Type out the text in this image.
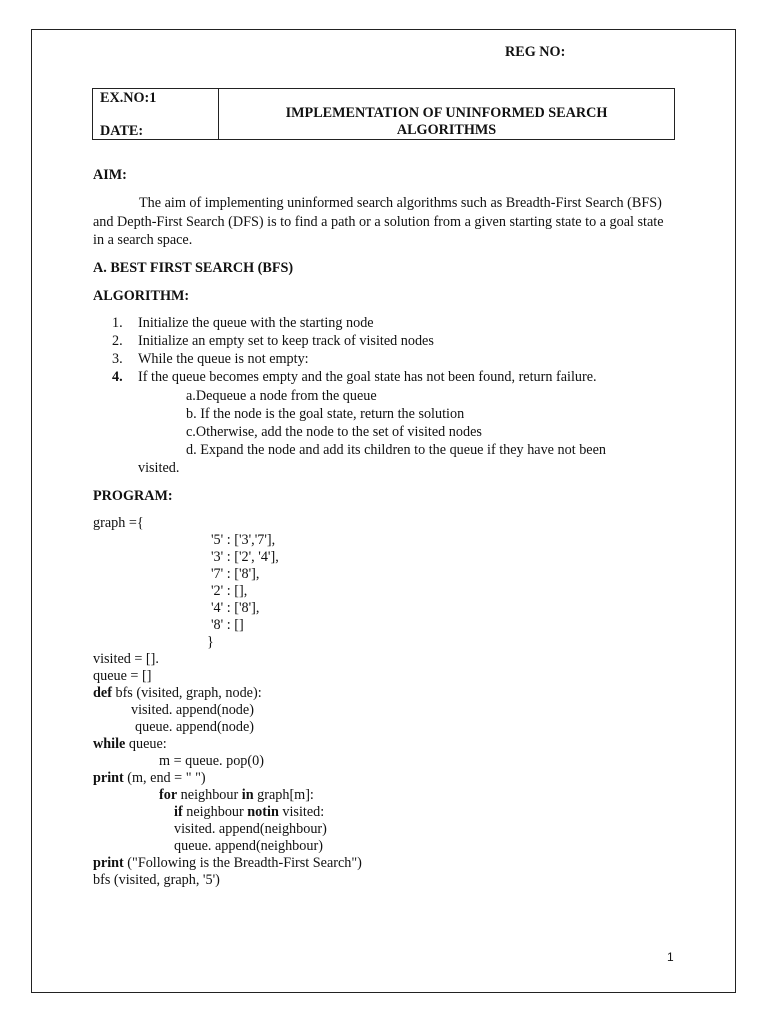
REG NO:
EX.NO:1
DATE:
IMPLEMENTATION OF UNINFORMED SEARCH
ALGORITHMS
AIM:
The aim of implementing uninformed search algorithms such as Breadth-First Search (BFS) and Depth-First Search (DFS) is to find a path or a solution from a given starting state to a goal state in a search space.
A. BEST FIRST SEARCH (BFS)
ALGORITHM:
1. Initialize the queue with the starting node
2. Initialize an empty set to keep track of visited nodes
3. While the queue is not empty:
4. If the queue becomes empty and the goal state has not been found, return failure.
a.Dequeue a node from the queue
b. If the node is the goal state, return the solution
c.Otherwise, add the node to the set of visited nodes
d. Expand the node and add its children to the queue if they have not been
visited.
PROGRAM:
graph ={
'5' : ['3','7'],
'3' : ['2', '4'],
'7' : ['8'],
'2' : [],
'4' : ['8'],
'8' : []
}
visited = [].
queue = []
def bfs (visited, graph, node):
visited. append(node)
queue. append(node)
while queue:
m = queue. pop(0)
print (m, end = " ")
for neighbour in graph[m]:
if neighbour notin visited:
visited. append(neighbour)
queue. append(neighbour)
print ("Following is the Breadth-First Search")
bfs (visited, graph, '5')
1
